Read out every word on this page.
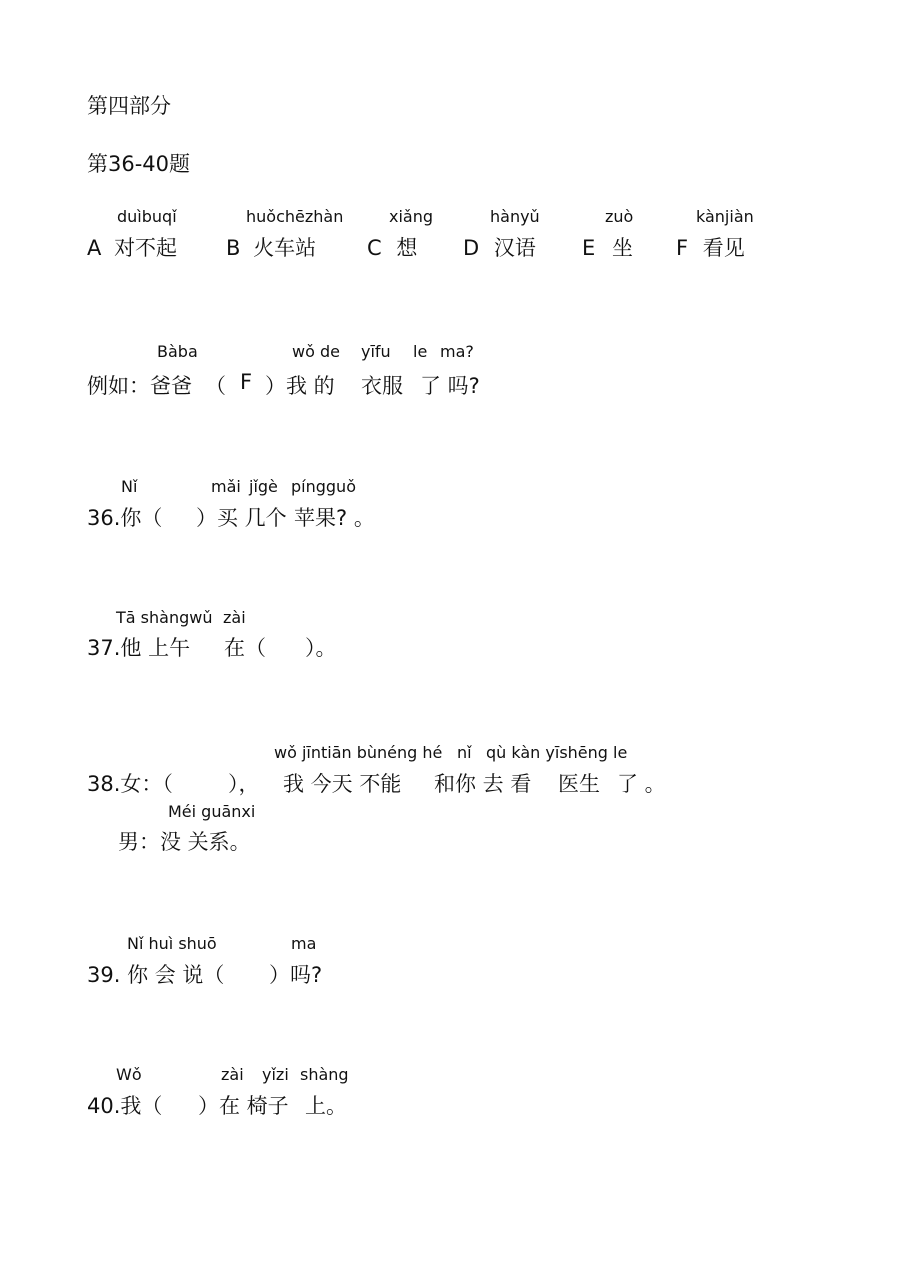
第四部分
第36-40题
duìbuqǐ
A 对不起
huǒchēzhàn
B 火车站
xiǎng
C 想
hànyǔ
D 汉语
zuò
E 坐
kànjiàn
F 看见
Bàba	wǒ de yīfu le ma?
例如：爸爸 （ F ）我 的 衣服 了 吗?
Nǐ	mǎi jǐgè píngguǒ
36.你（ ）买 几个 苹果? 。
Tā shàngwǔ zài
37.他 上午 在（ ）。
wǒ jīntiān bùnéng hé nǐ qù kàn yīshēng le
38.女：（	）， 我 今天 不能 和你 去 看 医生 了 。
Méi guānxi
男：没 关系。
Nǐ huì shuō	ma
39. 你 会 说（ ）吗?
Wǒ	zài yǐzi shàng
40.我（ ）在 椅子 上。
